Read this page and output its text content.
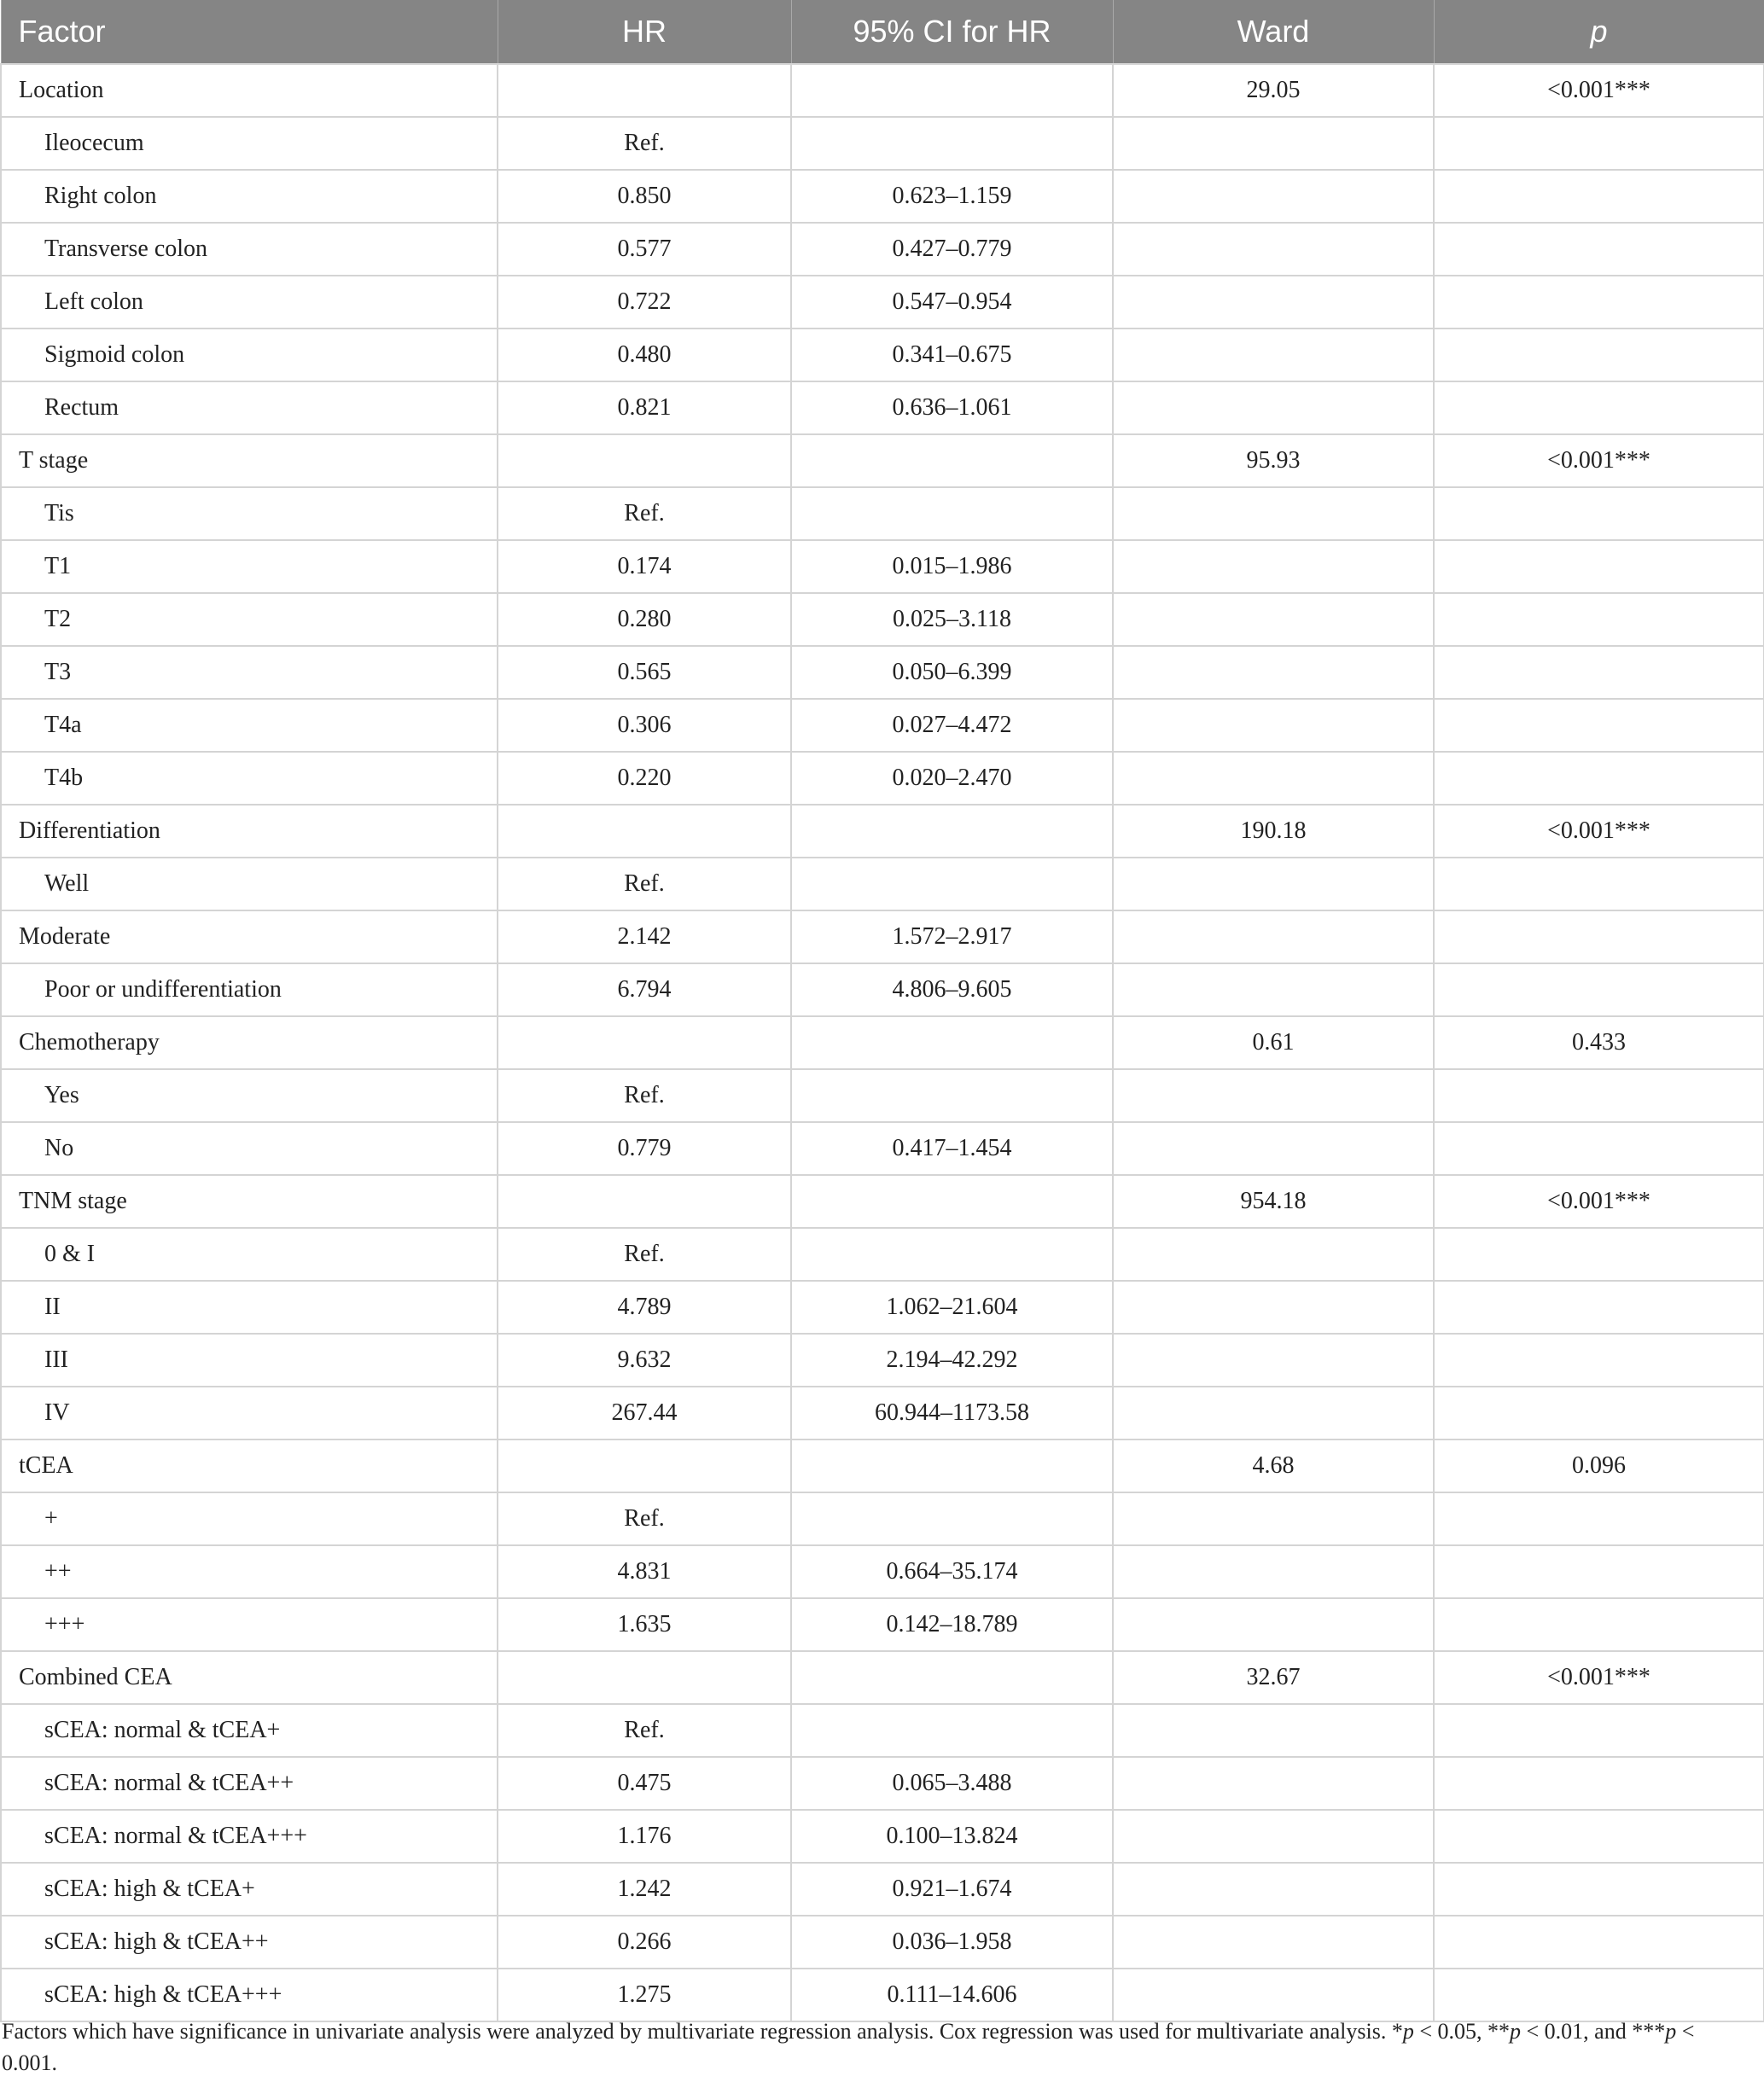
Factor	HR	95% CI for HR	Ward	p
Location			29.05	<0.001***
Ileocecum	Ref.			
Right colon	0.850	0.623–1.159		
Transverse colon	0.577	0.427–0.779		
Left colon	0.722	0.547–0.954		
Sigmoid colon	0.480	0.341–0.675		
Rectum	0.821	0.636–1.061		
T stage			95.93	<0.001***
Tis	Ref.			
T1	0.174	0.015–1.986		
T2	0.280	0.025–3.118		
T3	0.565	0.050–6.399		
T4a	0.306	0.027–4.472		
T4b	0.220	0.020–2.470		
Differentiation			190.18	<0.001***
Well	Ref.			
Moderate	2.142	1.572–2.917		
Poor or undifferentiation	6.794	4.806–9.605		
Chemotherapy			0.61	0.433
Yes	Ref.			
No	0.779	0.417–1.454		
TNM stage			954.18	<0.001***
0 & I	Ref.			
II	4.789	1.062–21.604		
III	9.632	2.194–42.292		
IV	267.44	60.944–1173.58		
tCEA			4.68	0.096
+	Ref.			
++	4.831	0.664–35.174		
+++	1.635	0.142–18.789		
Combined CEA			32.67	<0.001***
sCEA: normal & tCEA+	Ref.			
sCEA: normal & tCEA++	0.475	0.065–3.488		
sCEA: normal & tCEA+++	1.176	0.100–13.824		
sCEA: high & tCEA+	1.242	0.921–1.674		
sCEA: high & tCEA++	0.266	0.036–1.958		
sCEA: high & tCEA+++	1.275	0.111–14.606		

Factors which have significance in univariate analysis were analyzed by multivariate regression analysis. Cox regression was used for multivariate analysis. *p < 0.05, **p < 0.01, and ***p < 0.001.
